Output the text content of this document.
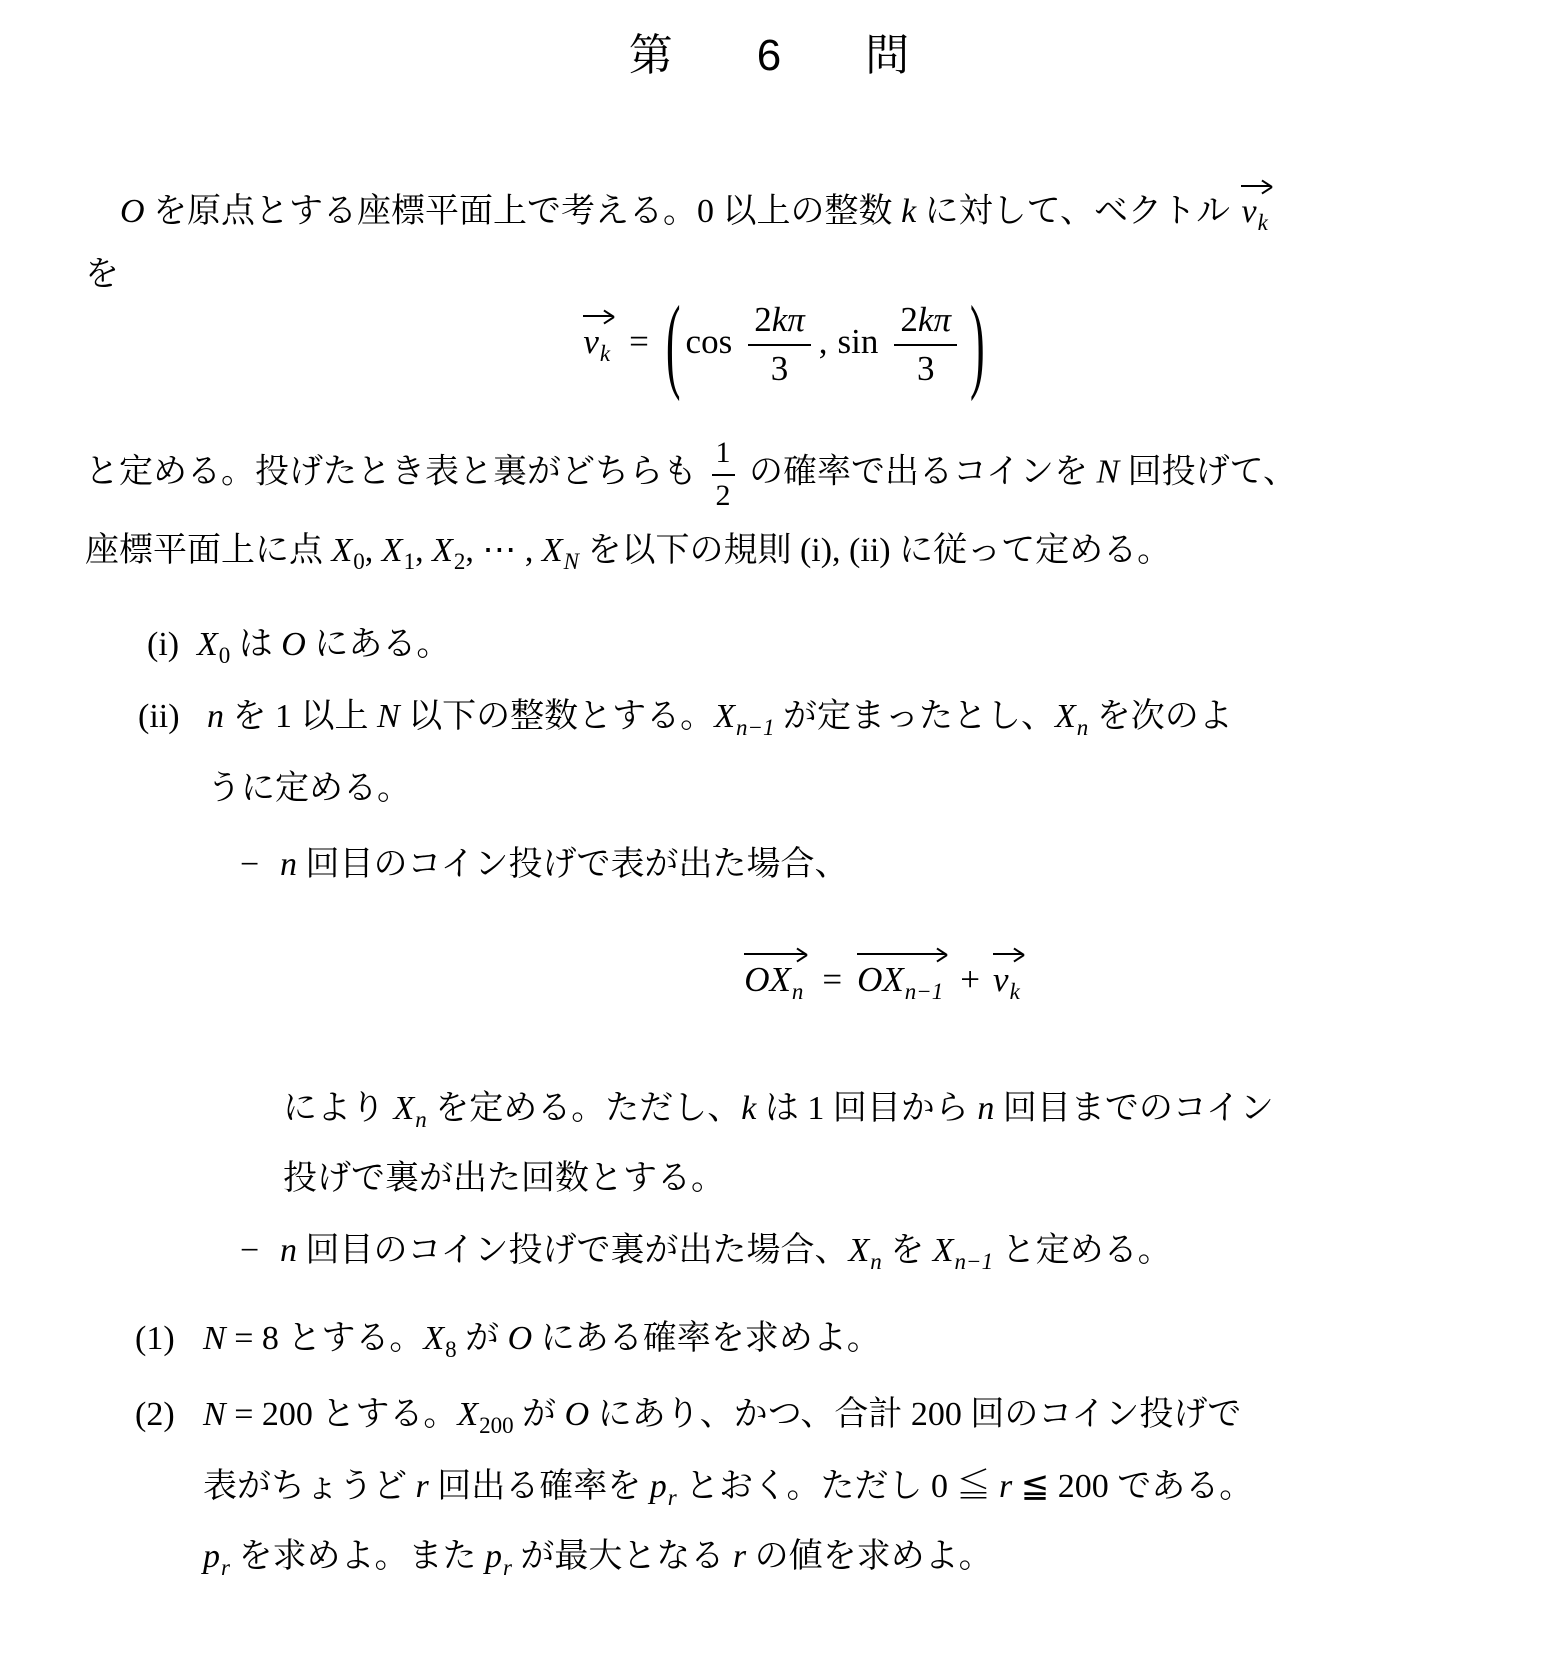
第　6　問
O を原点とする座標平面上で考える。0 以上の整数 k に対して、ベクトル
$v_k$
を
$v_k$ = ( $\cos \frac{2k\pi}{3}$ , $\sin \frac{2k\pi}{3}$ )
と定める。投げたとき表と裏がどちらも $\frac{1}{2}$ の確率で出るコインを N 回投げて、
座標平面上に点 $X_0$, $X_1$, $X_2$, ⋯ , $X_N$ を以下の規則 (i), (ii) に従って定める。
(i) $X_0$ は O にある。
(ii) n を 1 以上 N 以下の整数とする。$X_{n-1}$ が定まったとし、$X_n$ を次のよ
うに定める。
− n 回目のコイン投げで表が出た場合、
$OX_n = OX_{n-1} + v_k$
により $X_n$ を定める。ただし、k は 1 回目から n 回目までのコイン
投げで裏が出た回数とする。
− n 回目のコイン投げで裏が出た場合、$X_n$ を $X_{n-1}$ と定める。
(1) N = 8 とする。$X_8$ が O にある確率を求めよ。
(2) N = 200 とする。$X_{200}$ が O にあり、かつ、合計 200 回のコイン投げで
表がちょうど r 回出る確率を $p_r$ とおく。ただし 0 ≦ r ≦ 200 である。
$p_r$ を求めよ。また $p_r$ が最大となる r の値を求めよ。
